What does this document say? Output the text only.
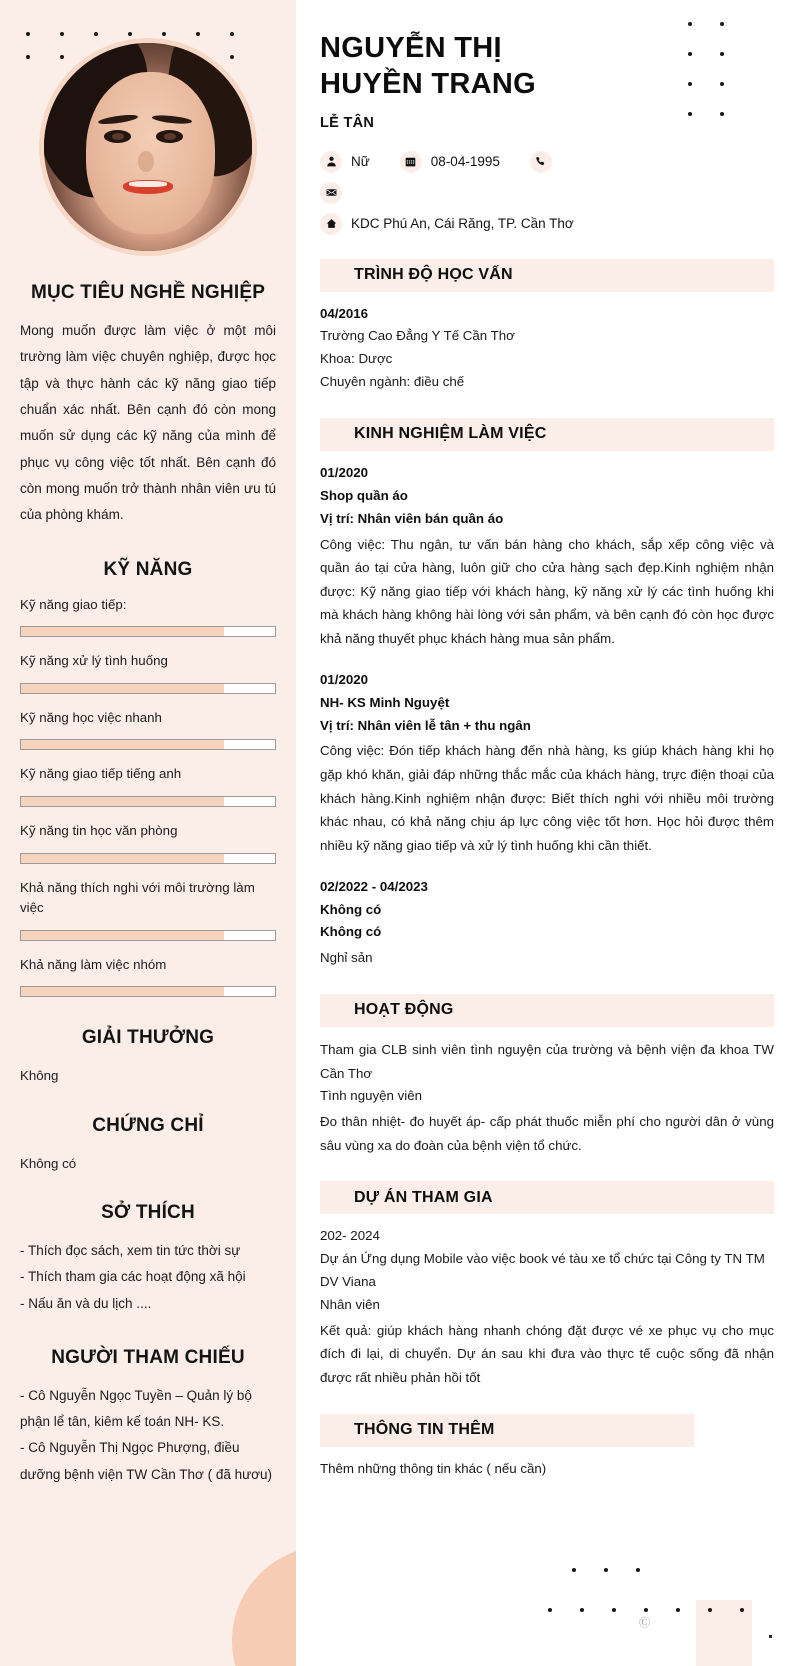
MỤC TIÊU NGHỀ NGHIỆP

Mong muốn được làm việc ở một môi trường làm việc chuyên nghiệp, được học tập và thực hành các kỹ năng giao tiếp chuẩn xác nhất. Bên cạnh đó còn mong muốn sử dụng các kỹ năng của mình để phục vụ công việc tốt nhất. Bên cạnh đó còn mong muốn trở thành nhân viên ưu tú của phòng khám.

KỸ NĂNG
Kỹ năng giao tiếp:
Kỹ năng xử lý tình huống
Kỹ năng học việc nhanh
Kỹ năng giao tiếp tiếng anh
Kỹ năng tin học văn phòng
Khả năng thích nghi với môi trường làm việc
Khả năng làm việc nhóm
GIẢI THƯỞNG
Không
CHỨNG CHỈ
Không có
SỞ THÍCH
- Thích đọc sách, xem tin tức thời sự
- Thích tham gia các hoạt động xã hội
- Nấu ăn và du lịch ....
NGƯỜI THAM CHIẾU
- Cô Nguyễn Ngọc Tuyền – Quản lý bộ phận lể tân, kiêm kế toán NH- KS.
- Cô Nguyễn Thị Ngọc Phượng, điều dưỡng bệnh viện TW Cần Thơ ( đã hươu)
NGUYỄN THỊ
HUYỀN TRANG
LỄ TÂN
Nữ	08-04-1995
KDC Phú An, Cái Răng, TP. Cần Thơ
TRÌNH ĐỘ HỌC VẤN
04/2016
Trường Cao Đẳng Y Tế Cần Thơ
Khoa: Dược
Chuyên ngành: điều chế
KINH NGHIỆM LÀM VIỆC
01/2020
Shop quần áo
Vị trí: Nhân viên bán quần áo
Công việc: Thu ngân, tư vấn bán hàng cho khách, sắp xếp công việc và quần áo tại cửa hàng, luôn giữ cho cửa hàng sạch đẹp.Kinh nghiệm nhận được: Kỹ năng giao tiếp với khách hàng, kỹ năng xử lý các tình huống khi mà khách hàng không hài lòng với sản phẩm, và bên cạnh đó còn học được khả năng thuyết phục khách hàng mua sản phẩm.
01/2020
NH- KS Minh Nguyệt
Vị trí: Nhân viên lễ tân + thu ngân
Công việc: Đón tiếp khách hàng đến nhà hàng, ks giúp khách hàng khi họ gặp khó khăn, giải đáp những thắc mắc của khách hàng, trực điện thoại của khách hàng.Kinh nghiệm nhận được: Biết thích nghi với nhiều môi trường khác nhau, có khả năng chịu áp lực công việc tốt hơn. Học hỏi được thêm nhiều kỹ năng giao tiếp và xử lý tình huống khi cần thiết.
02/2022 - 04/2023
Không có
Không có
Nghỉ sản
HOẠT ĐỘNG
Tham gia CLB sinh viên tình nguyện của trường và bệnh viện đa khoa TW Cần Thơ
Tình nguyện viên
Đo thân nhiệt- đo huyết áp- cấp phát thuốc miễn phí cho người dân ở vùng sâu vùng xa do đoàn của bệnh viện tổ chức.
DỰ ÁN THAM GIA
202- 2024
Dự án Ứng dụng Mobile vào việc book vé tàu xe tổ chức tại Công ty TN TM DV Viana
Nhân viên
Kết quả: giúp khách hàng nhanh chóng đặt được vé xe phục vụ cho mục đích đi lại, di chuyển. Dự án sau khi đưa vào thực tế cuộc sống đã nhận được rất nhiều phản hồi tốt
THÔNG TIN THÊM
Thêm những thông tin khác ( nếu cần)
Ⓒ
